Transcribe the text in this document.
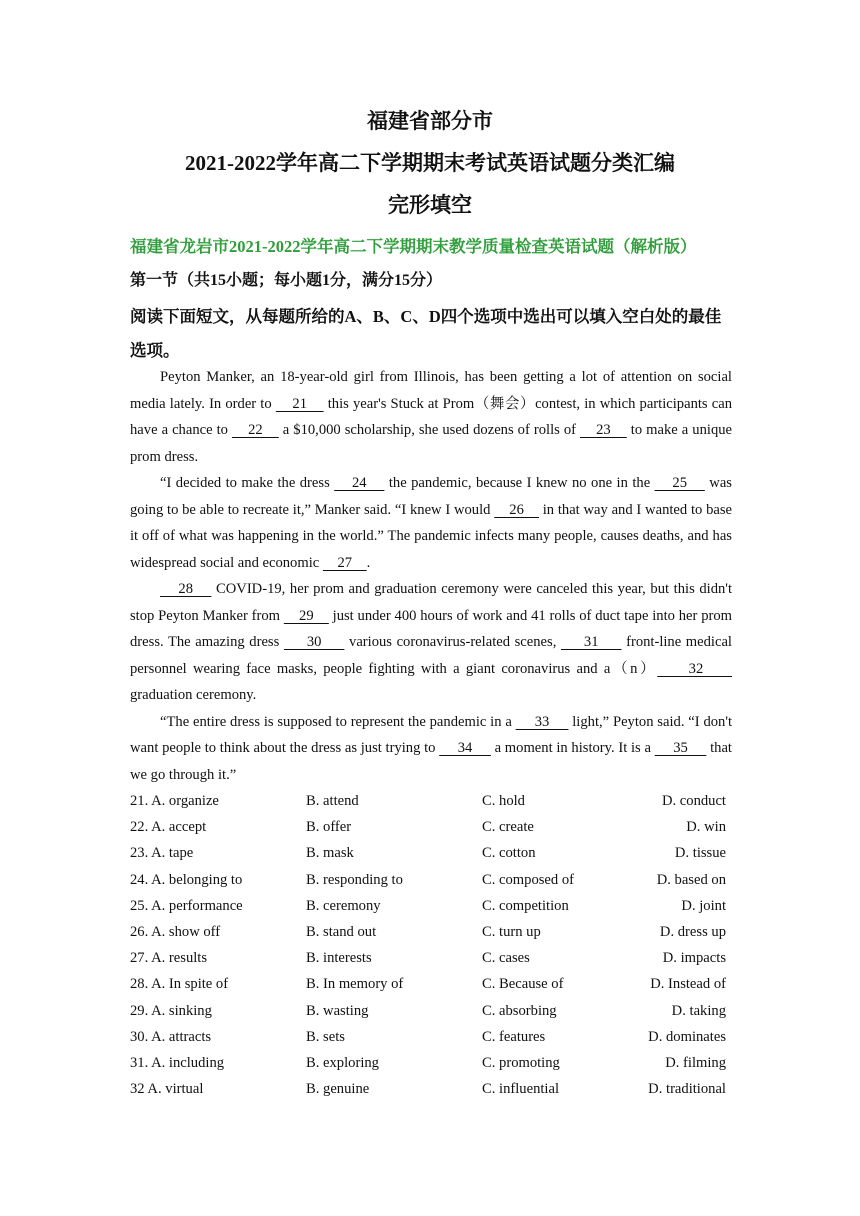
福建省部分市
2021-2022学年高二下学期期末考试英语试题分类汇编
完形填空
福建省龙岩市2021-2022学年高二下学期期末教学质量检查英语试题（解析版）
第一节（共15小题；每小题1分，满分15分）
阅读下面短文，从每题所给的A、B、C、D四个选项中选出可以填入空白处的最佳选项。

Peyton Manker, an 18-year-old girl from Illinois, has been getting a lot of attention on social media lately. In order to     21     this year's Stuck at Prom（舞会）contest, in which participants can have a chance to     22     a $10,000 scholarship, she used dozens of rolls of     23     to make a unique prom dress.

“I decided to make the dress     24     the pandemic, because I knew no one in the     25     was going to be able to recreate it,” Manker said. “I knew I would     26     in that way and I wanted to base it off of what was happening in the world.” The pandemic infects many people, causes deaths, and has widespread social and economic     27    .

28     COVID-19, her prom and graduation ceremony were canceled this year, but this didn't stop Peyton Manker from     29     just under 400 hours of work and 41 rolls of duct tape into her prom dress. The amazing dress      30      various coronavirus-related scenes,      31      front-line medical personnel wearing face masks, people fighting with a giant coronavirus and a（n）     32      graduation ceremony.

“The entire dress is supposed to represent the pandemic in a      33      light,” Peyton said. “I don't want people to think about the dress as just trying to      34      a moment in history. It is a      35      that we go through it.”

21. A. organize	B. attend	C. hold	D. conduct
22. A. accept	B. offer	C. create	D. win
23. A. tape	B. mask	C. cotton	D. tissue
24. A. belonging to	B. responding to	C. composed of	D. based on
25. A. performance	B. ceremony	C. competition	D. joint
26. A. show off	B. stand out	C. turn up	D. dress up
27. A. results	B. interests	C. cases	D. impacts
28. A. In spite of	B. In memory of	C. Because of	D. Instead of
29. A. sinking	B. wasting	C. absorbing	D. taking
30. A. attracts	B. sets	C. features	D. dominates
31. A. including	B. exploring	C. promoting	D. filming
32 A. virtual	B. genuine	C. influential	D. traditional
